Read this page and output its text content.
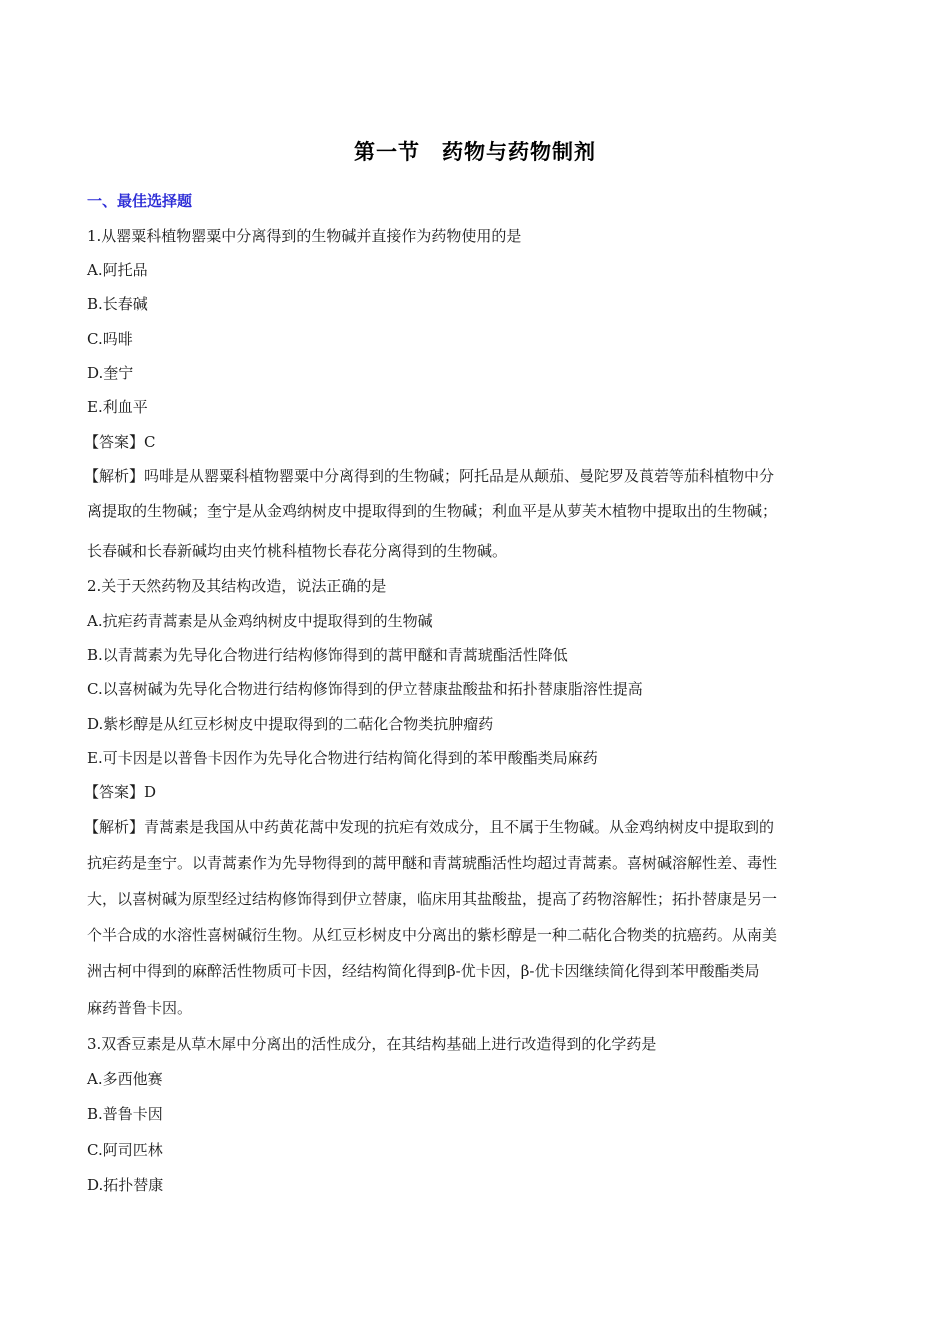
第一节　药物与药物制剂
一、最佳选择题
1.从罂粟科植物罂粟中分离得到的生物碱并直接作为药物使用的是
A.阿托品
B.长春碱
C.吗啡
D.奎宁
E.利血平
【答案】C
【解析】吗啡是从罂粟科植物罂粟中分离得到的生物碱；阿托品是从颠茄、曼陀罗及莨菪等茄科植物中分
离提取的生物碱；奎宁是从金鸡纳树皮中提取得到的生物碱；利血平是从萝芙木植物中提取出的生物碱；
长春碱和长春新碱均由夹竹桃科植物长春花分离得到的生物碱。
2.关于天然药物及其结构改造，说法正确的是
A.抗疟药青蒿素是从金鸡纳树皮中提取得到的生物碱
B.以青蒿素为先导化合物进行结构修饰得到的蒿甲醚和青蒿琥酯活性降低
C.以喜树碱为先导化合物进行结构修饰得到的伊立替康盐酸盐和拓扑替康脂溶性提高
D.紫杉醇是从红豆杉树皮中提取得到的二萜化合物类抗肿瘤药
E.可卡因是以普鲁卡因作为先导化合物进行结构简化得到的苯甲酸酯类局麻药
【答案】D
【解析】青蒿素是我国从中药黄花蒿中发现的抗疟有效成分，且不属于生物碱。从金鸡纳树皮中提取到的
抗疟药是奎宁。以青蒿素作为先导物得到的蒿甲醚和青蒿琥酯活性均超过青蒿素。喜树碱溶解性差、毒性
大，以喜树碱为原型经过结构修饰得到伊立替康，临床用其盐酸盐，提高了药物溶解性；拓扑替康是另一
个半合成的水溶性喜树碱衍生物。从红豆杉树皮中分离出的紫杉醇是一种二萜化合物类的抗癌药。从南美
洲古柯中得到的麻醉活性物质可卡因，经结构简化得到β-优卡因，β-优卡因继续简化得到苯甲酸酯类局
麻药普鲁卡因。
3.双香豆素是从草木犀中分离出的活性成分，在其结构基础上进行改造得到的化学药是
A.多西他赛
B.普鲁卡因
C.阿司匹林
D.拓扑替康
